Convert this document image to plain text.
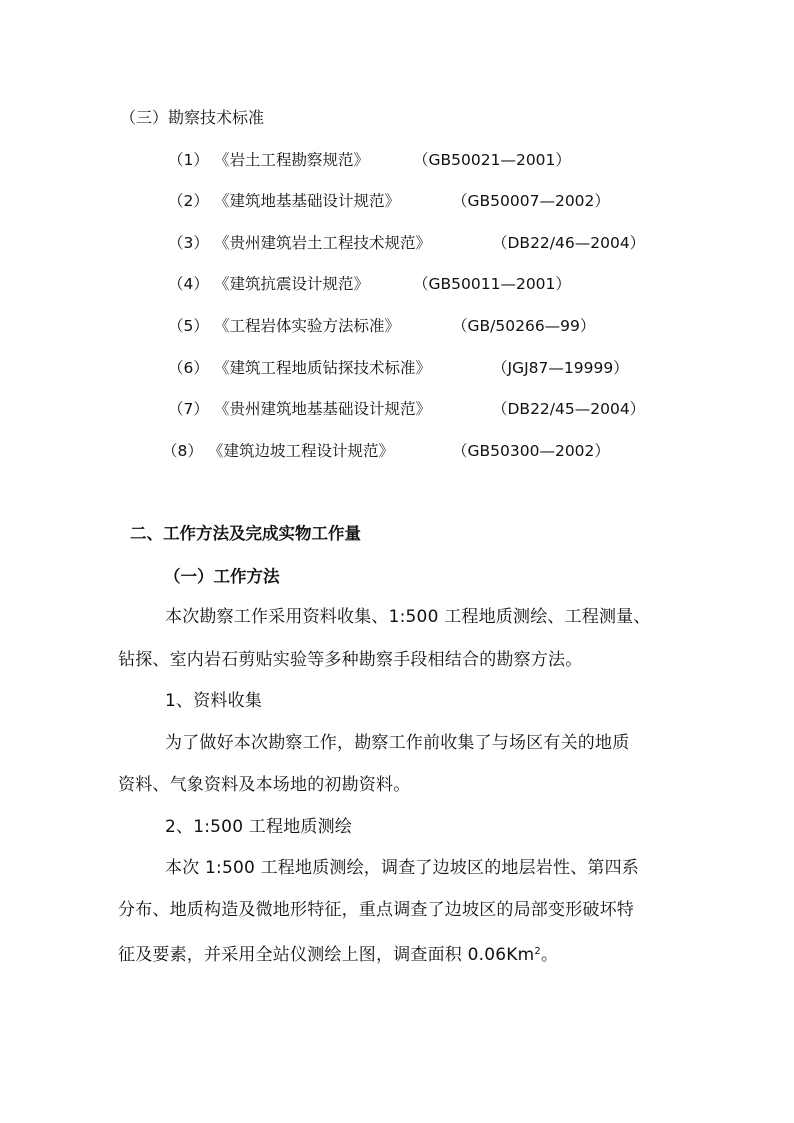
（三）勘察技术标准
（1） 《岩土工程勘察规范》	（GB50021—2001）
（2） 《建筑地基基础设计规范》	（GB50007—2002）
（3） 《贵州建筑岩土工程技术规范》	（DB22/46—2004）
（4） 《建筑抗震设计规范》	（GB50011—2001）
（5） 《工程岩体实验方法标准》	（GB/50266—99）
（6） 《建筑工程地质钻探技术标准》	（JGJ87—19999）
（7） 《贵州建筑地基基础设计规范》	（DB22/45—2004）
（8） 《建筑边坡工程设计规范》	（GB50300—2002）
二、工作方法及完成实物工作量
（一）工作方法
本次勘察工作采用资料收集、1:500 工程地质测绘、工程测量、
钻探、室内岩石剪贴实验等多种勘察手段相结合的勘察方法。
1、资料收集
为了做好本次勘察工作，勘察工作前收集了与场区有关的地质
资料、气象资料及本场地的初勘资料。
2、1:500 工程地质测绘
本次 1:500 工程地质测绘，调查了边坡区的地层岩性、第四系
分布、地质构造及微地形特征，重点调查了边坡区的局部变形破坏特
征及要素，并采用全站仪测绘上图，调查面积 0.06Km$^2$。
